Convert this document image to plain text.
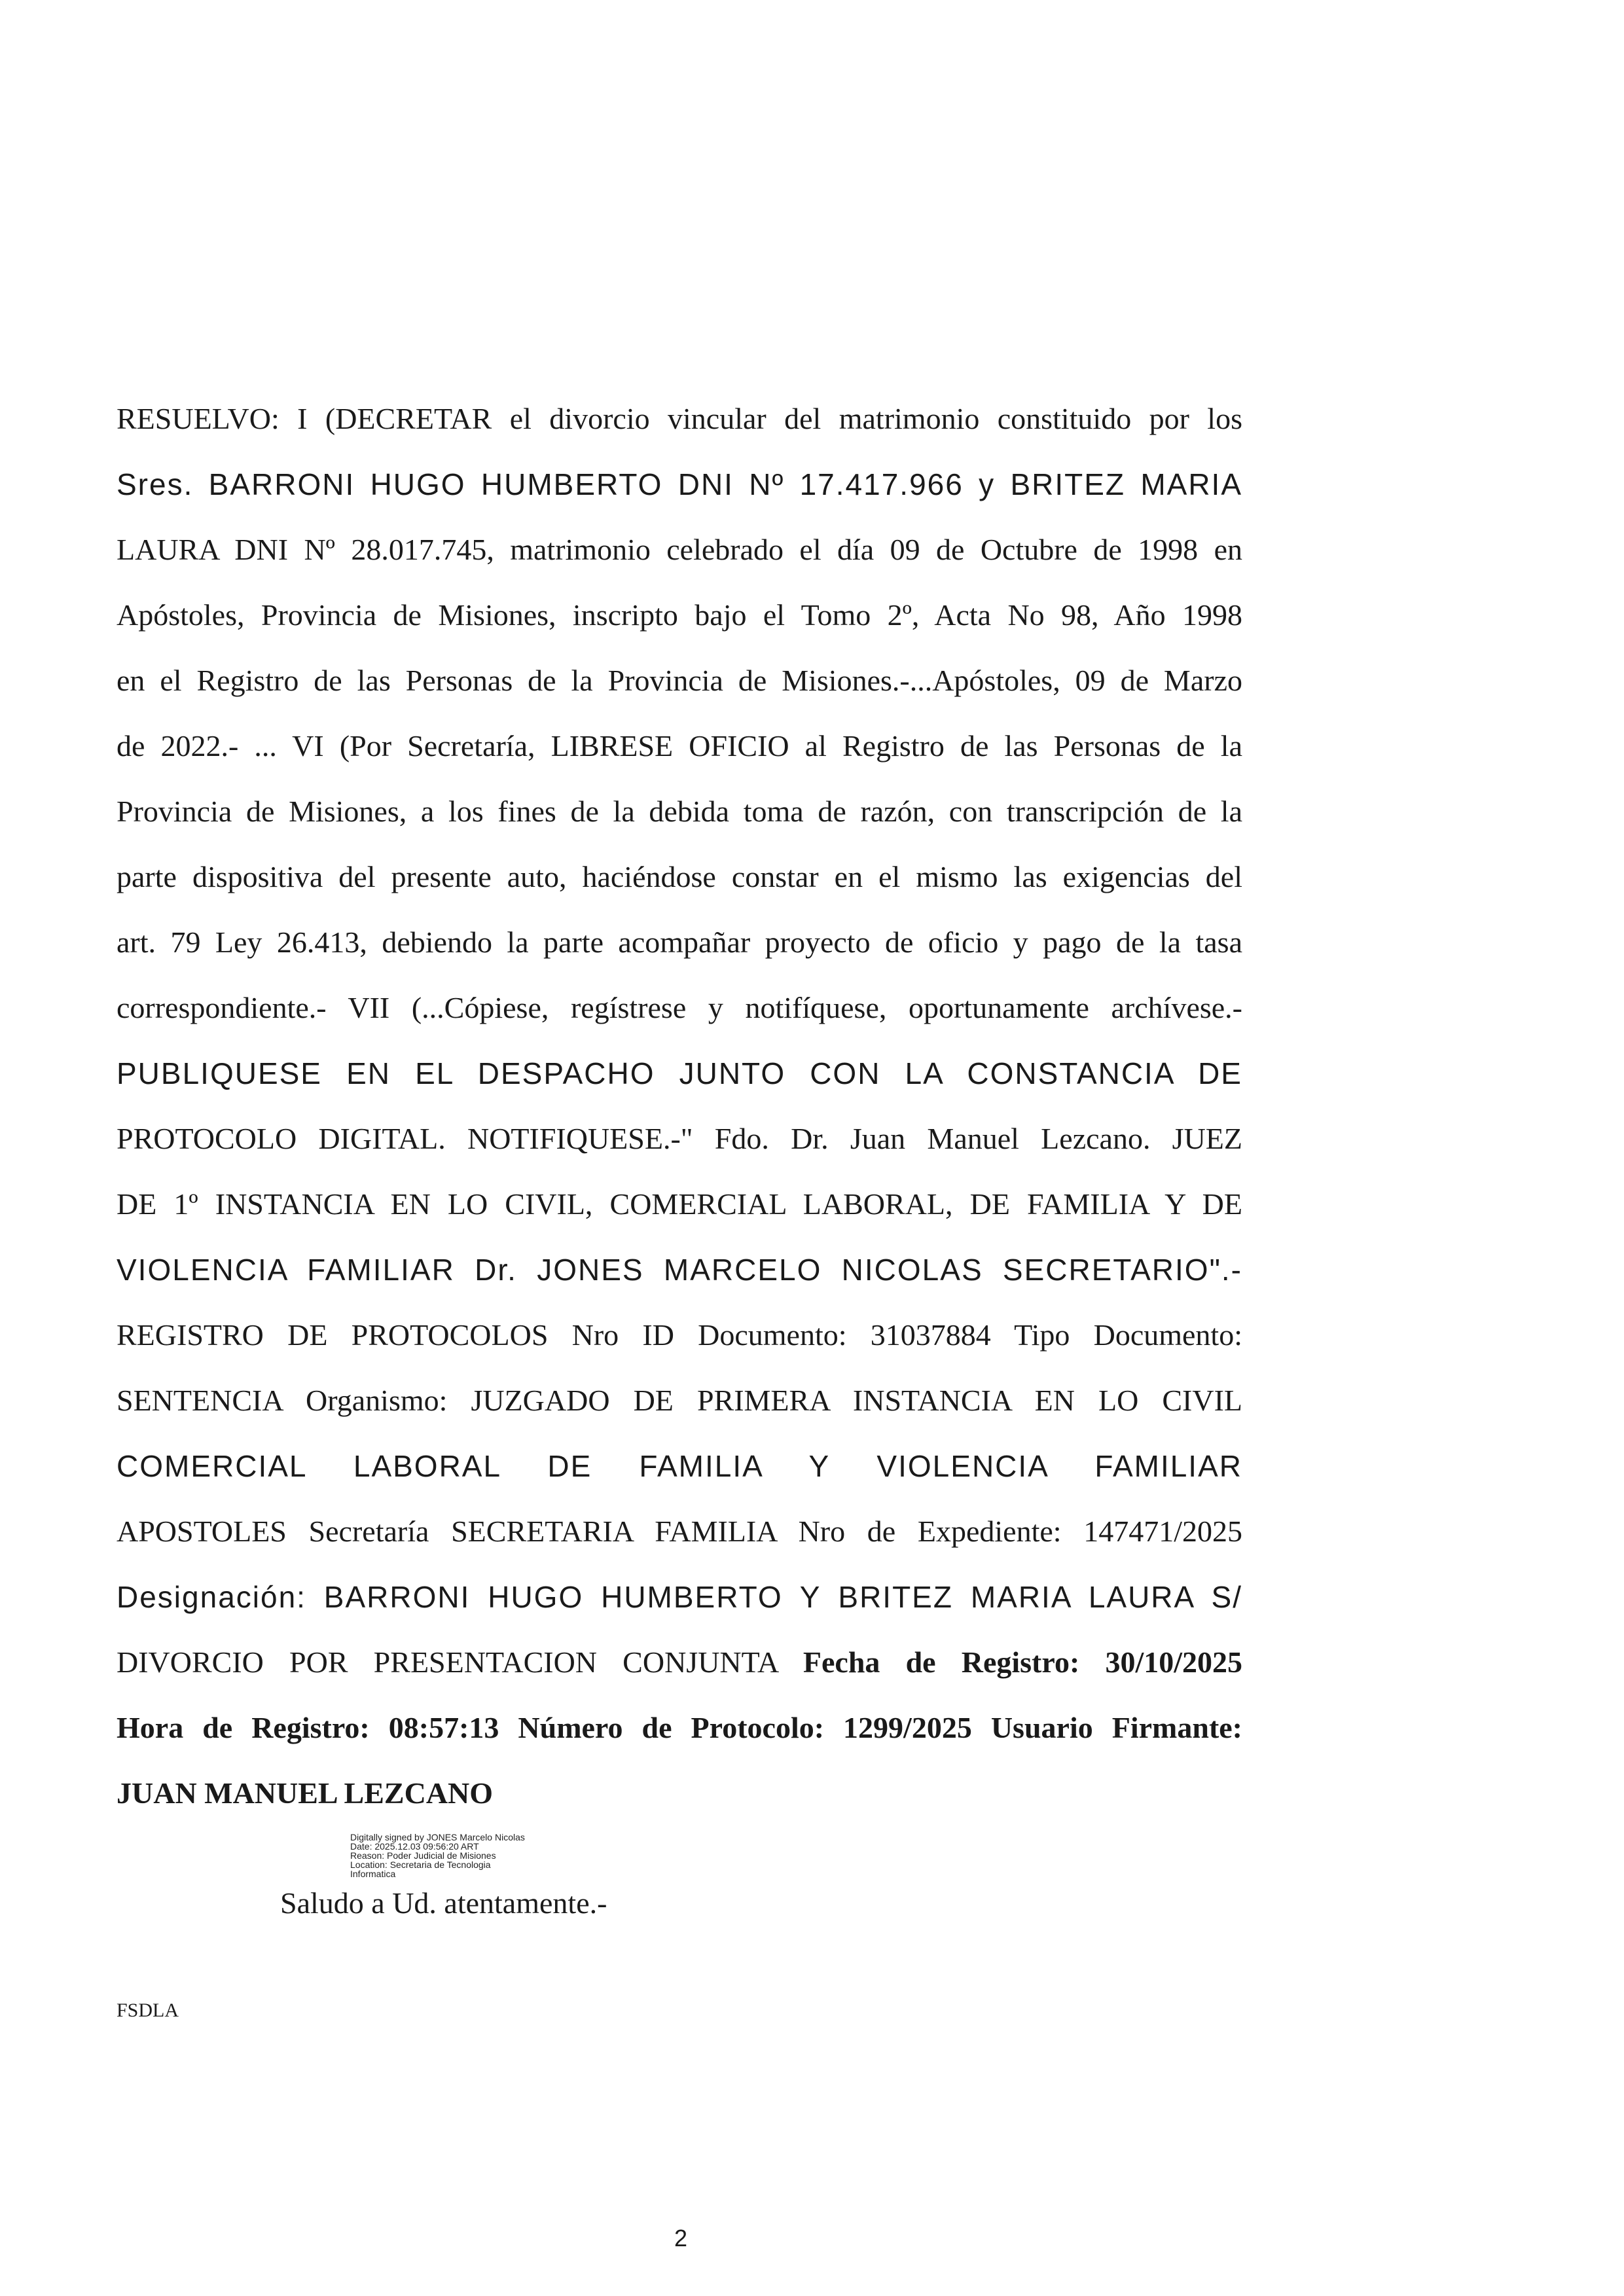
RESUELVO: I (DECRETAR el divorcio vincular del matrimonio constituido por los
Sres. BARRONI HUGO HUMBERTO DNI Nº 17.417.966 y BRITEZ MARIA
LAURA DNI Nº 28.017.745, matrimonio celebrado el día 09 de Octubre de 1998 en
Apóstoles, Provincia de Misiones, inscripto bajo el Tomo 2º, Acta No 98, Año 1998
en el Registro de las Personas de la Provincia de Misiones.-...Apóstoles, 09 de Marzo
de 2022.- ... VI (Por Secretaría, LIBRESE OFICIO al Registro de las Personas de la
Provincia de Misiones, a los fines de la debida toma de razón, con transcripción de la
parte dispositiva del presente auto, haciéndose constar en el mismo las exigencias del
art. 79 Ley 26.413, debiendo la parte acompañar proyecto de oficio y pago de la tasa
correspondiente.- VII (...Cópiese, regístrese y notifíquese, oportunamente archívese.-
PUBLIQUESE EN EL DESPACHO JUNTO CON LA CONSTANCIA DE
PROTOCOLO DIGITAL. NOTIFIQUESE.-" Fdo. Dr. Juan Manuel Lezcano. JUEZ
DE 1º INSTANCIA EN LO CIVIL, COMERCIAL LABORAL, DE FAMILIA Y DE
VIOLENCIA FAMILIAR Dr. JONES MARCELO NICOLAS SECRETARIO".-
REGISTRO DE PROTOCOLOS Nro ID Documento: 31037884 Tipo Documento:
SENTENCIA Organismo: JUZGADO DE PRIMERA INSTANCIA EN LO CIVIL
COMERCIAL LABORAL DE FAMILIA Y VIOLENCIA FAMILIAR
APOSTOLES Secretaría SECRETARIA FAMILIA Nro de Expediente: 147471/2025
Designación: BARRONI HUGO HUMBERTO Y BRITEZ MARIA LAURA S/
DIVORCIO POR PRESENTACION CONJUNTA Fecha de Registro: 30/10/2025
Hora de Registro: 08:57:13 Número de Protocolo: 1299/2025 Usuario Firmante:
JUAN MANUEL LEZCANO
Digitally signed by JONES Marcelo Nicolas
Date: 2025.12.03 09:56:20 ART
Reason: Poder Judicial de Misiones
Location: Secretaria de Tecnologia
Informatica
Saludo a Ud. atentamente.-
FSDLA
2
